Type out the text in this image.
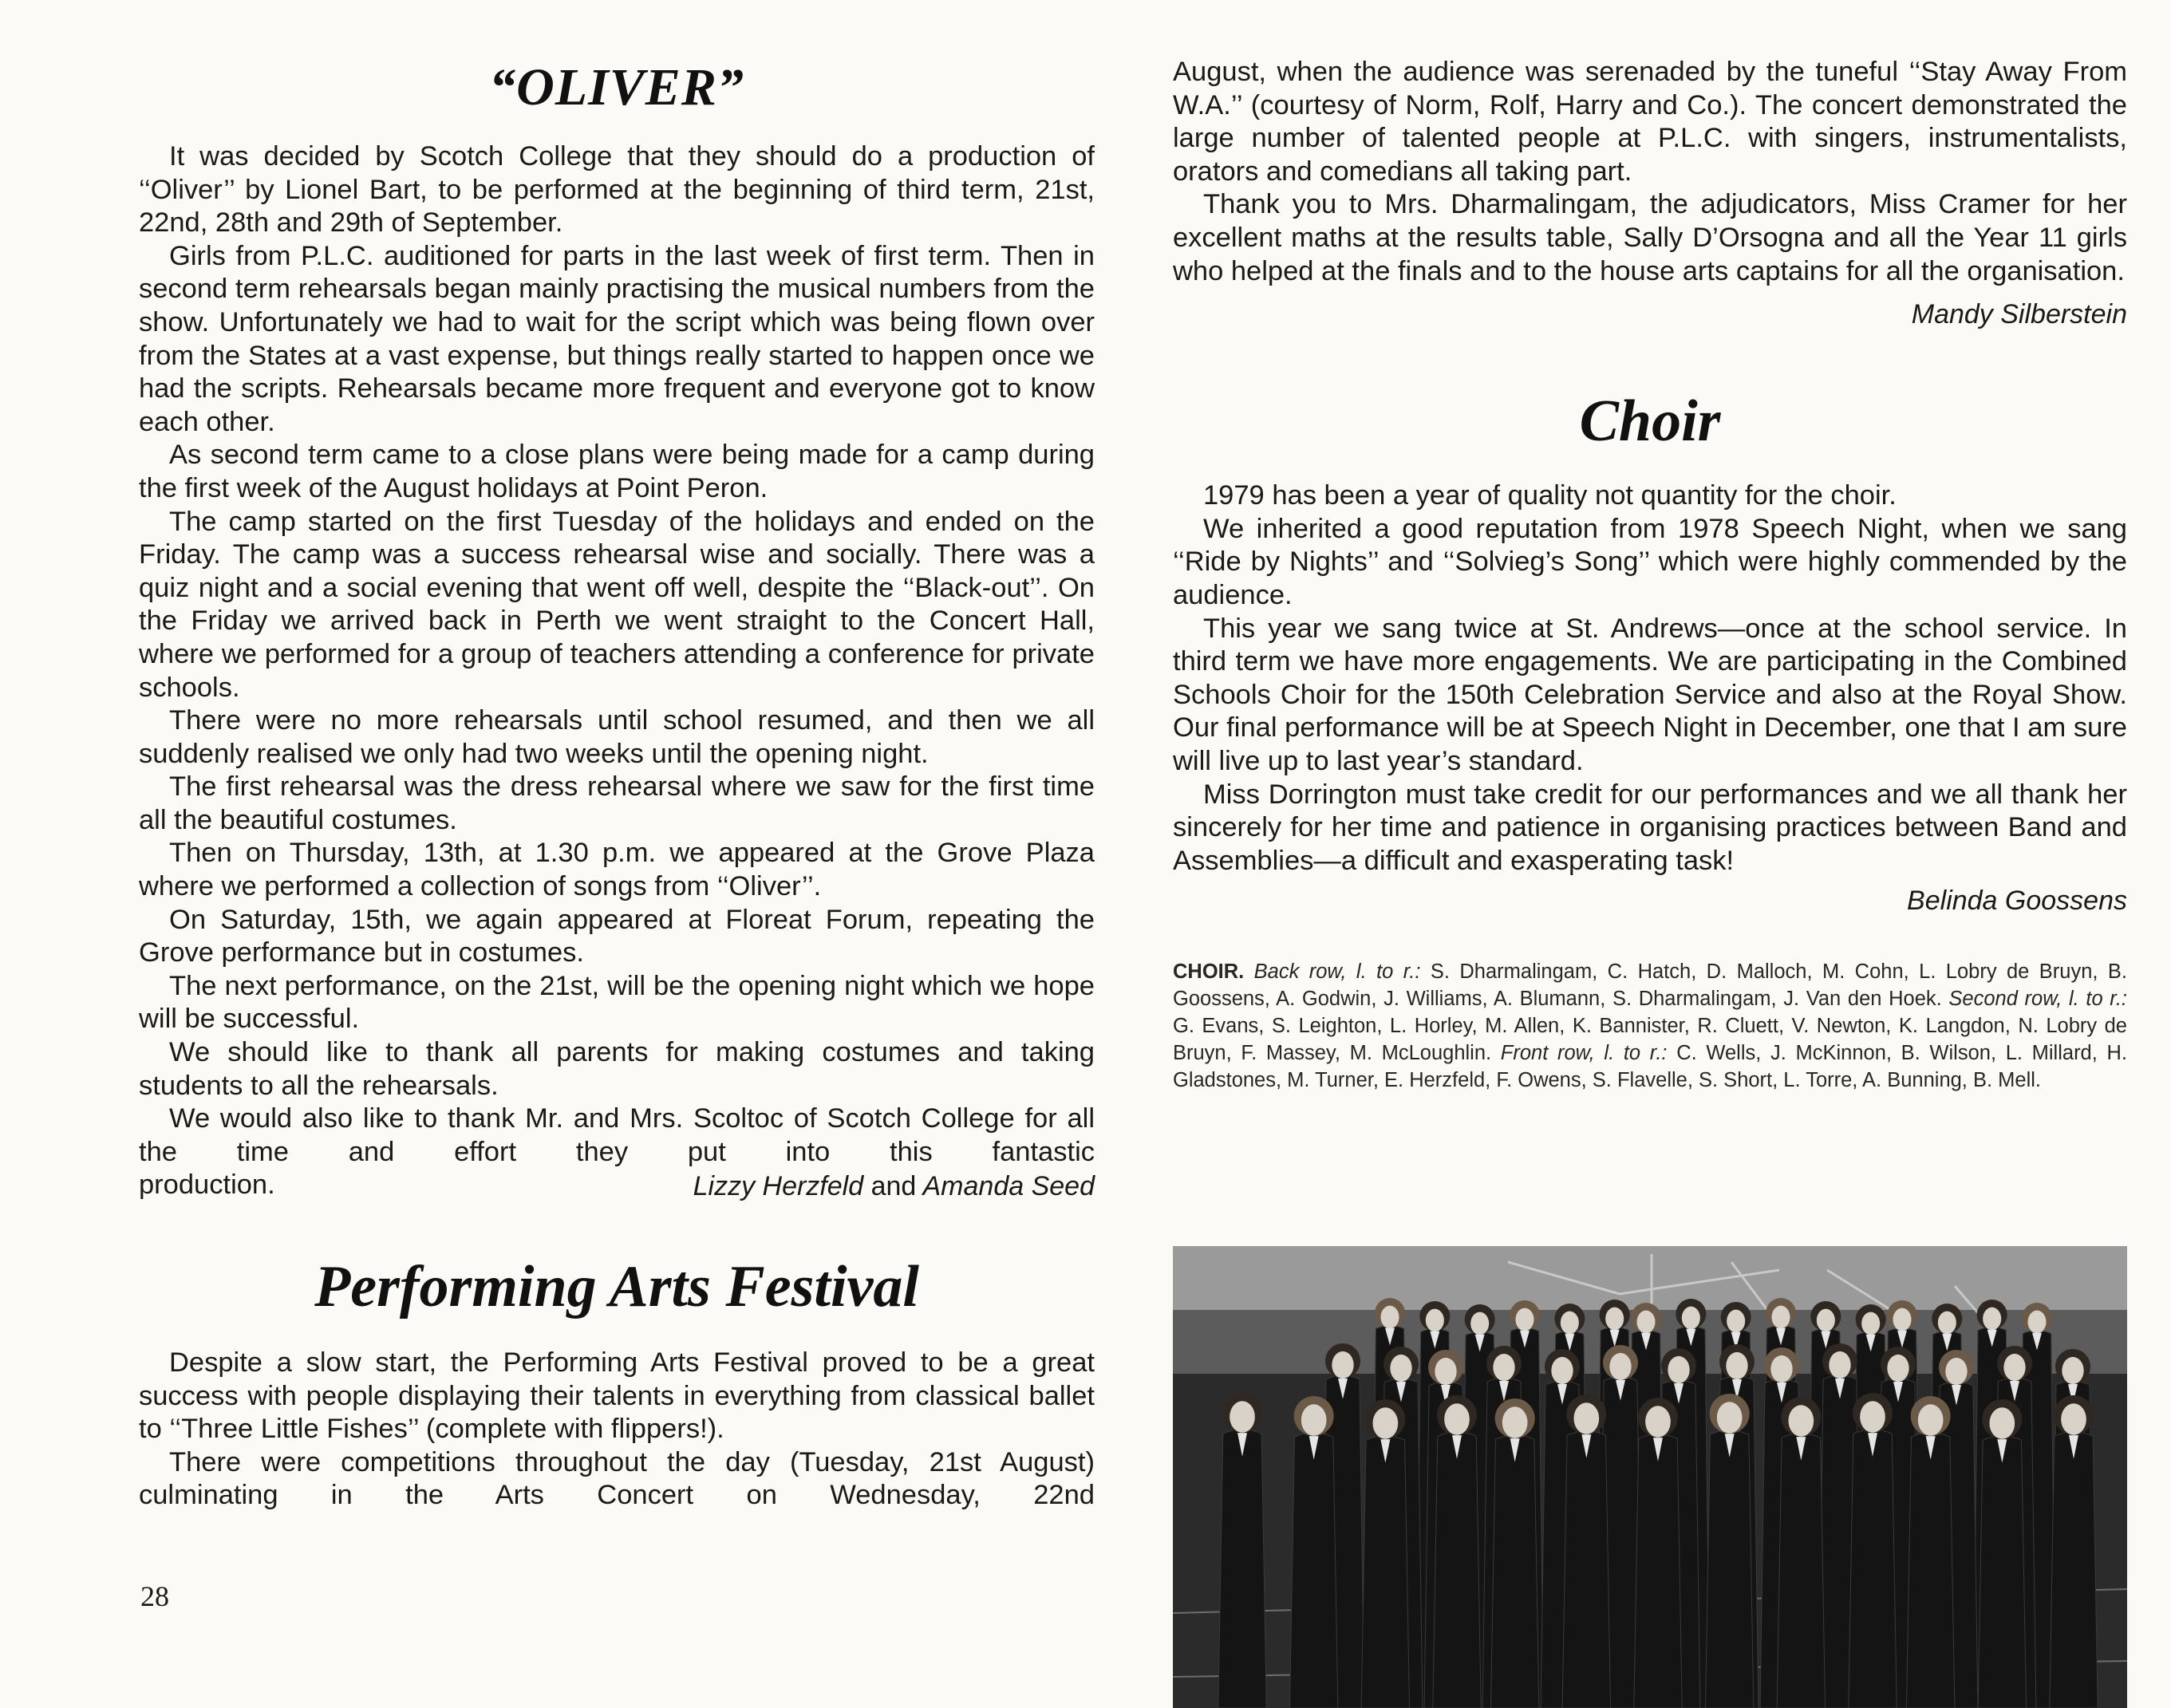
“OLIVER”

It was decided by Scotch College that they should do a production of ‘‘Oliver’’ by Lionel Bart, to be performed at the beginning of third term, 21st, 22nd, 28th and 29th of September.

Girls from P.L.C. auditioned for parts in the last week of first term. Then in second term rehearsals began mainly practising the musical numbers from the show. Unfortunately we had to wait for the script which was being flown over from the States at a vast expense, but things really started to happen once we had the scripts. Rehearsals became more frequent and everyone got to know each other.

As second term came to a close plans were being made for a camp during the first week of the August holidays at Point Peron.

The camp started on the first Tuesday of the holidays and ended on the Friday. The camp was a success rehearsal wise and socially. There was a quiz night and a social evening that went off well, despite the ‘‘Black-out’’. On the Friday we arrived back in Perth we went straight to the Concert Hall, where we performed for a group of teachers attending a conference for private schools.

There were no more rehearsals until school resumed, and then we all suddenly realised we only had two weeks until the opening night.

The first rehearsal was the dress rehearsal where we saw for the first time all the beautiful costumes.

Then on Thursday, 13th, at 1.30 p.m. we appeared at the Grove Plaza where we performed a collection of songs from ‘‘Oliver’’.

On Saturday, 15th, we again appeared at Floreat Forum, repeating the Grove performance but in costumes.

The next performance, on the 21st, will be the opening night which we hope will be successful.

We should like to thank all parents for making costumes and taking students to all the rehearsals.

We would also like to thank Mr. and Mrs. Scoltoc of Scotch College for all the time and effort they put into this fantastic

production.	Lizzy Herzfeld and Amanda Seed
Performing Arts Festival

Despite a slow start, the Performing Arts Festival proved to be a great success with people displaying their talents in everything from classical ballet to ‘‘Three Little Fishes’’ (complete with flippers!).

There were competitions throughout the day (Tuesday, 21st August) culminating in the Arts Concert on Wednesday, 22nd

28

August, when the audience was serenaded by the tuneful ‘‘Stay Away From W.A.’’ (courtesy of Norm, Rolf, Harry and Co.). The concert demonstrated the large number of talented people at P.L.C. with singers, instrumentalists, orators and comedians all taking part.

Thank you to Mrs. Dharmalingam, the adjudicators, Miss Cramer for her excellent maths at the results table, Sally D’Orsogna and all the Year 11 girls who helped at the finals and to the house arts captains for all the organisation.

Mandy Silberstein

Choir

1979 has been a year of quality not quantity for the choir.

We inherited a good reputation from 1978 Speech Night, when we sang ‘‘Ride by Nights’’ and ‘‘Solvieg’s Song’’ which were highly commended by the audience.

This year we sang twice at St. Andrews—once at the school service. In third term we have more engagements. We are participating in the Combined Schools Choir for the 150th Celebration Service and also at the Royal Show. Our final performance will be at Speech Night in December, one that I am sure will live up to last year’s standard.

Miss Dorrington must take credit for our performances and we all thank her sincerely for her time and patience in organising practices between Band and Assemblies—a difficult and exasperating task!

Belinda Goossens

CHOIR. Back row, l. to r.: S. Dharmalingam, C. Hatch, D. Malloch, M. Cohn, L. Lobry de Bruyn, B. Goossens, A. Godwin, J. Williams, A. Blumann, S. Dharmalingam, J. Van den Hoek. Second row, l. to r.: G. Evans, S. Leighton, L. Horley, M. Allen, K. Bannister, R. Cluett, V. Newton, K. Langdon, N. Lobry de Bruyn, F. Massey, M. McLoughlin. Front row, l. to r.: C. Wells, J. McKinnon, B. Wilson, L. Millard, H. Gladstones, M. Turner, E. Herzfeld, F. Owens, S. Flavelle, S. Short, L. Torre, A. Bunning, B. Mell.
